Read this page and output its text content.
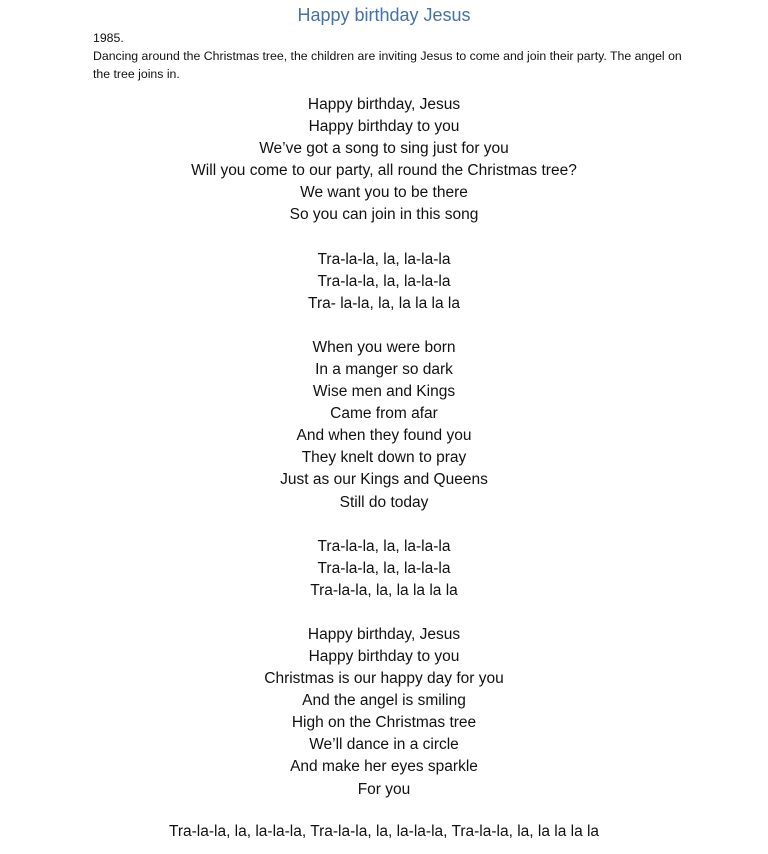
Happy birthday Jesus
1985.
Dancing around the Christmas tree, the children are inviting Jesus to come and join their party. The angel on the tree joins in.
Happy birthday, Jesus
Happy birthday to you
We’ve got a song to sing just for you
Will you come to our party, all round the Christmas tree?
We want you to be there
So you can join in this song
Tra-la-la, la, la-la-la
Tra-la-la, la, la-la-la
Tra- la-la, la, la la la la
When you were born
In a manger so dark
Wise men and Kings
Came from afar
And when they found you
They knelt down to pray
Just as our Kings and Queens
Still do today
Tra-la-la, la, la-la-la
Tra-la-la, la, la-la-la
Tra-la-la, la, la la la la
Happy birthday, Jesus
Happy birthday to you
Christmas is our happy day for you
And the angel is smiling
High on the Christmas tree
We’ll dance in a circle
And make her eyes sparkle
For you
Tra-la-la, la, la-la-la, Tra-la-la, la, la-la-la, Tra-la-la, la, la la la la
